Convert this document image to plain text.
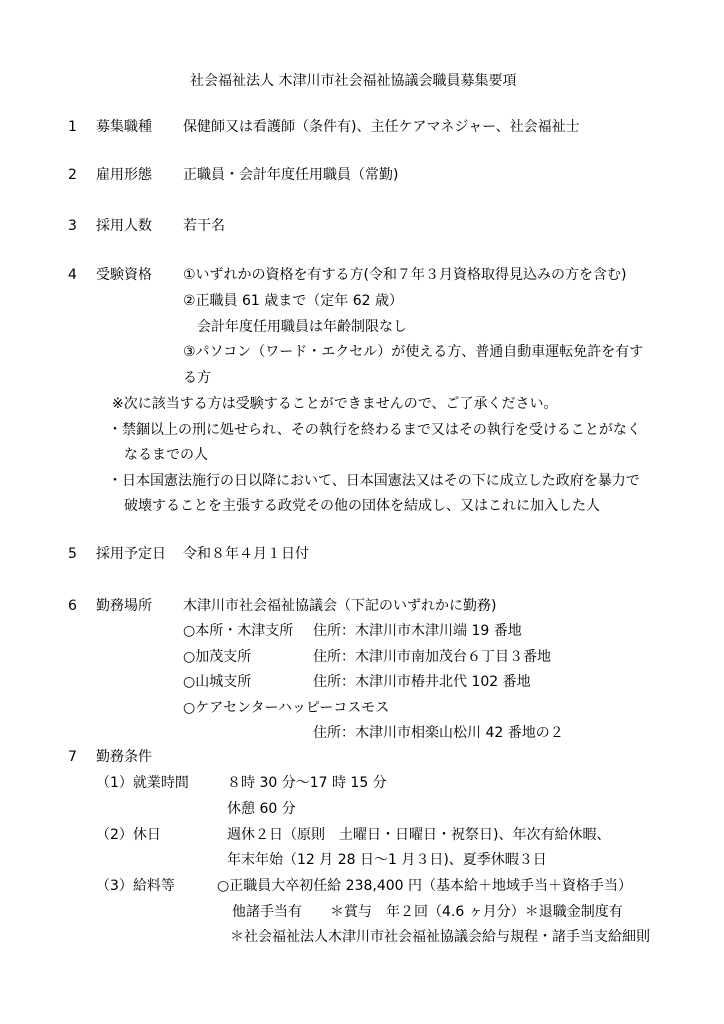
社会福祉法人 木津川市社会福祉協議会職員募集要項
1 募集職種 保健師又は看護師（条件有)、主任ケアマネジャー、社会福祉士
2 雇用形態 正職員・会計年度任用職員（常勤)
3 採用人数 若干名
4 受験資格 ①いずれかの資格を有する方(令和７年３月資格取得見込みの方を含む)
②正職員 61 歳まで（定年 62 歳）
会計年度任用職員は年齢制限なし
③パソコン（ワード・エクセル）が使える方、普通自動車運転免許を有す
る方
※次に該当する方は受験することができませんので、ご了承ください。
・禁錮以上の刑に処せられ、その執行を終わるまで又はその執行を受けることがなく
なるまでの人
・日本国憲法施行の日以降において、日本国憲法又はその下に成立した政府を暴力で
破壊することを主張する政党その他の団体を結成し、又はこれに加入した人
5 採用予定日 令和８年４月１日付
6 勤務場所 木津川市社会福祉協議会（下記のいずれかに勤務)
○本所・木津支所 住所：木津川市木津川端 19 番地
○加茂支所	住所：木津川市南加茂台６丁目３番地
○山城支所	住所：木津川市椿井北代 102 番地
○ケアセンターハッピーコスモス
住所：木津川市相楽山松川 42 番地の２
7 勤務条件
（1）就業時間	８時 30 分～17 時 15 分
休憩 60 分
（2）休日	週休２日（原則　土曜日・日曜日・祝祭日)、年次有給休暇、
年末年始（12 月 28 日～1 月３日)、夏季休暇３日
（3）給料等	○正職員大卒初任給 238,400 円（基本給＋地域手当＋資格手当）
他諸手当有　　＊賞与　年２回（4.6 ヶ月分）＊退職金制度有
＊社会福祉法人木津川市社会福祉協議会給与規程・諸手当支給細則
